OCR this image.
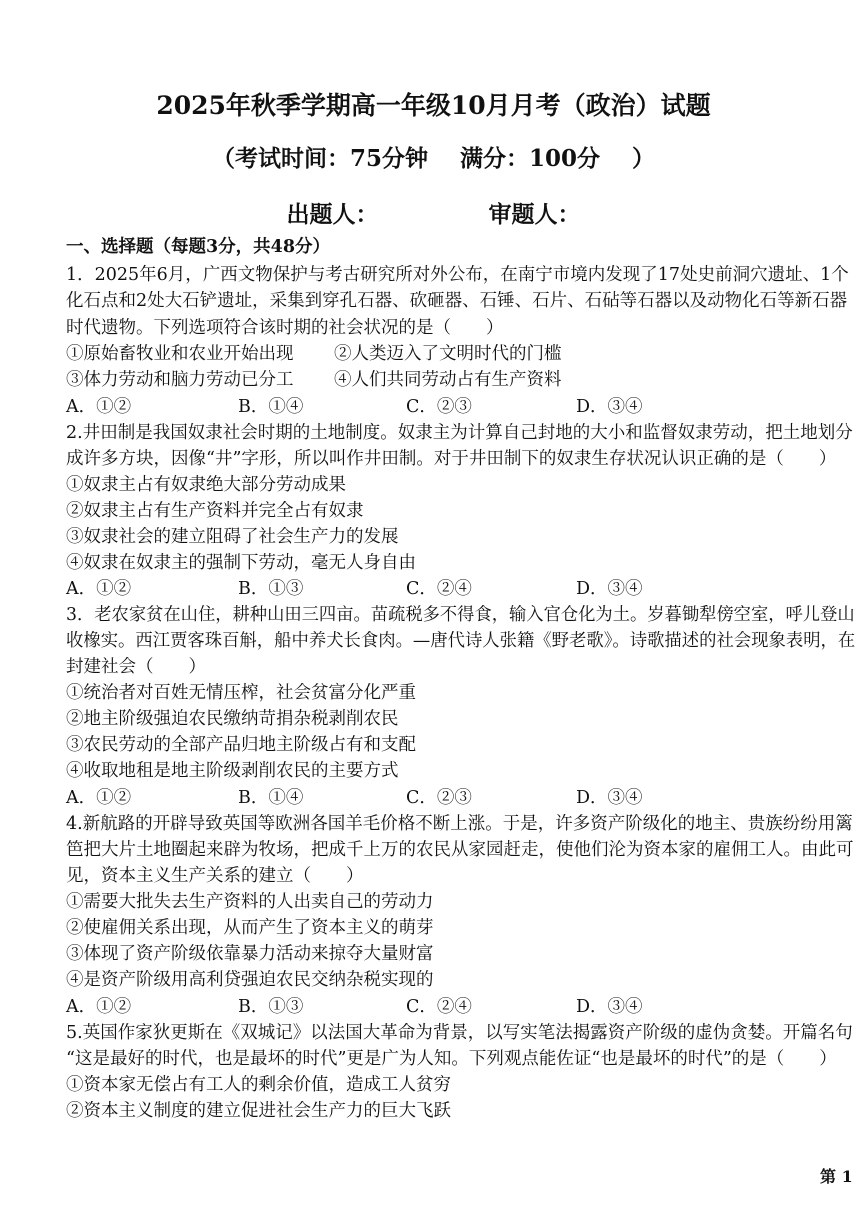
2025年秋季学期高一年级10月月考（政治）试题
（考试时间：75分钟    满分：100分    ）
出题人：	审题人：
一、选择题（每题3分，共48分）
1．2025年6月，广西文物保护与考古研究所对外公布，在南宁市境内发现了17处史前洞穴遗址、1个
化石点和2处大石铲遗址，采集到穿孔石器、砍砸器、石锤、石片、石砧等石器以及动物化石等新石器
时代遗物。下列选项符合该时期的社会状况的是（　　）
①原始畜牧业和农业开始出现 ②人类迈入了文明时代的门槛
③体力劳动和脑力劳动已分工 ④人们共同劳动占有生产资料
A．①②	B．①④	C．②③	D．③④
2.井田制是我国奴隶社会时期的土地制度。奴隶主为计算自己封地的大小和监督奴隶劳动，把土地划分
成许多方块，因像“井”字形，所以叫作井田制。对于井田制下的奴隶生存状况认识正确的是（　　）
①奴隶主占有奴隶绝大部分劳动成果
②奴隶主占有生产资料并完全占有奴隶
③奴隶社会的建立阻碍了社会生产力的发展
④奴隶在奴隶主的强制下劳动，毫无人身自由
A．①②	B．①③	C．②④	D．③④
3．老农家贫在山住，耕种山田三四亩。苗疏税多不得食，输入官仓化为土。岁暮锄犁傍空室，呼儿登山
收橡实。西江贾客珠百斛，船中养犬长食肉。—唐代诗人张籍《野老歌》。诗歌描述的社会现象表明，在
封建社会（　　）
①统治者对百姓无情压榨，社会贫富分化严重
②地主阶级强迫农民缴纳苛捐杂税剥削农民
③农民劳动的全部产品归地主阶级占有和支配
④收取地租是地主阶级剥削农民的主要方式
A．①②	B．①④	C．②③	D．③④
4.新航路的开辟导致英国等欧洲各国羊毛价格不断上涨。于是，许多资产阶级化的地主、贵族纷纷用篱
笆把大片土地圈起来辟为牧场，把成千上万的农民从家园赶走，使他们沦为资本家的雇佣工人。由此可
见，资本主义生产关系的建立（　　）
①需要大批失去生产资料的人出卖自己的劳动力
②使雇佣关系出现，从而产生了资本主义的萌芽
③体现了资产阶级依靠暴力活动来掠夺大量财富
④是资产阶级用高利贷强迫农民交纳杂税实现的
A．①②	B．①③	C．②④	D．③④
5.英国作家狄更斯在《双城记》以法国大革命为背景，以写实笔法揭露资产阶级的虚伪贪婪。开篇名句
“这是最好的时代，也是最坏的时代”更是广为人知。下列观点能佐证“也是最坏的时代”的是（　　）
①资本家无偿占有工人的剩余价值，造成工人贫穷
②资本主义制度的建立促进社会生产力的巨大飞跃
第 1
